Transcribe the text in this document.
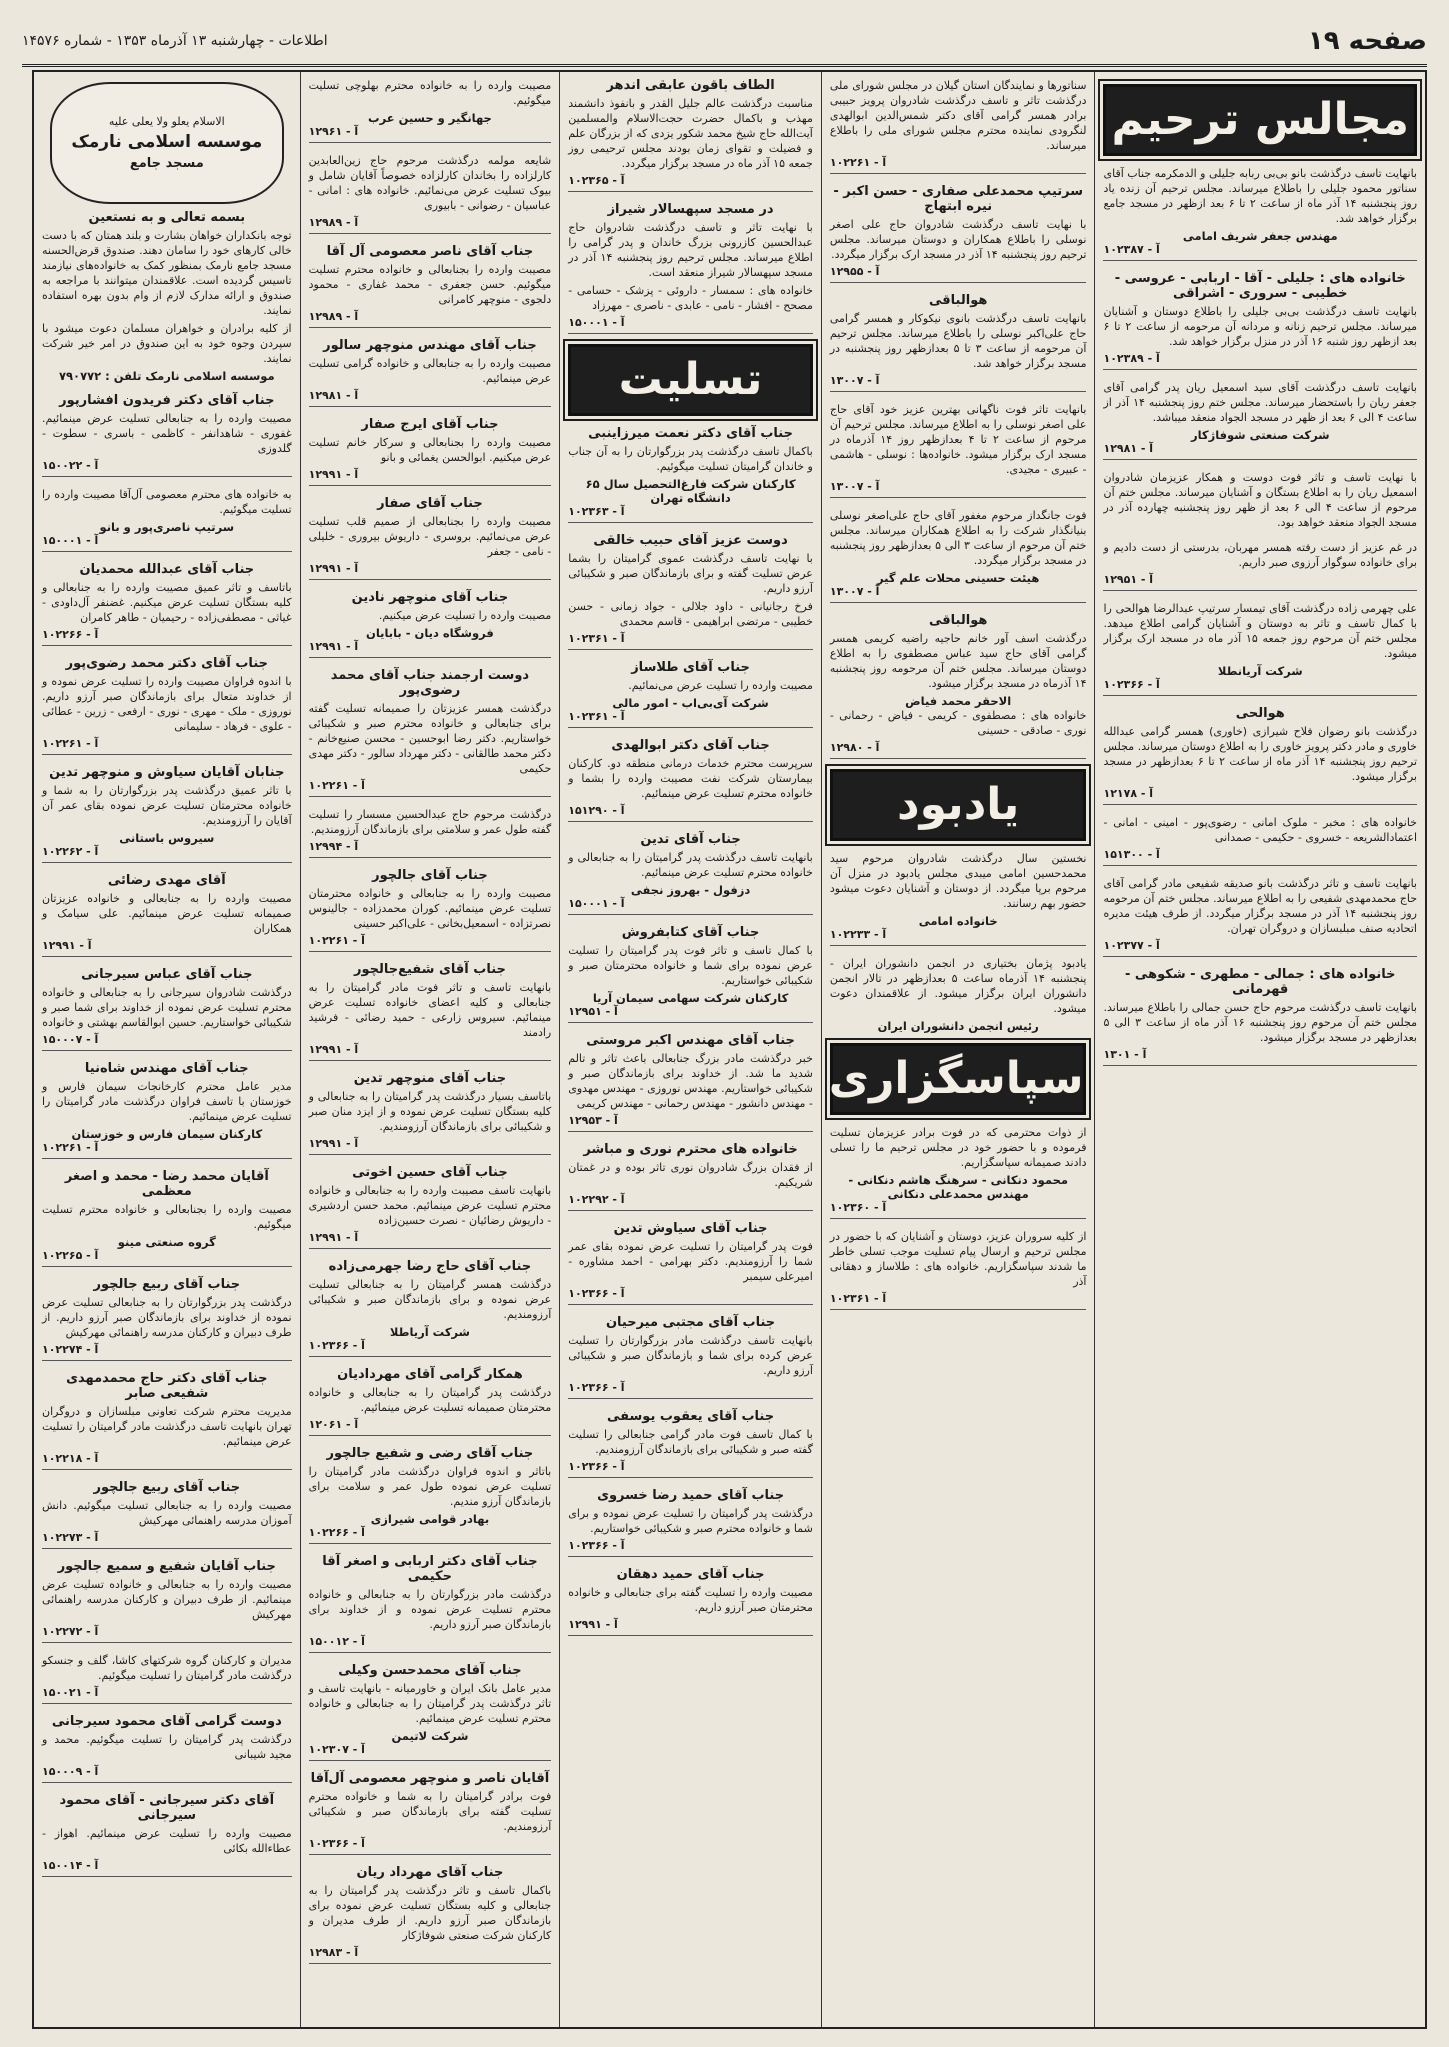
صفحه ۱۹
اطلاعات - چهارشنبه ۱۳ آذرماه ۱۳۵۳ - شماره ۱۴۵۷۶
مجالس ترحیم

بانهایت تاسف درگذشت بانو بی‌بی ربابه جلیلی و الدمکرمه جناب آقای سناتور محمود جلیلی را باطلاع میرساند. مجلس ترحیم آن زنده یاد روز پنجشنبه ۱۴ آذر ماه از ساعت ۲ تا ۶ بعد ازظهر در مسجد جامع برگزار خواهد شد.

مهندس جعفر شریف امامی
آ - ۱۰۲۳۸۷
خانواده های : جلیلی - آقا - اربابی - عروسی - خطیبی - سروری - اشراقی

بانهایت تاسف درگذشت بی‌بی جلیلی را باطلاع دوستان و آشنایان میرساند. مجلس ترحیم زنانه و مردانه آن مرحومه از ساعت ۲ تا ۶ بعد ازظهر روز شنبه ۱۶ آذر در منزل برگزار خواهد شد.

آ - ۱۰۲۳۸۹

بانهایت تاسف درگذشت آقای سید اسمعیل ریان پدر گرامی آقای جعفر ریان را باستحضار میرساند. مجلس ختم روز پنجشنبه ۱۴ آذر از ساعت ۴ الی ۶ بعد از ظهر در مسجد الجواد منعقد میباشد.

شرکت صنعتی شوفاژکار
آ - ۱۲۹۸۱

با نهایت تاسف و تاثر فوت دوست و همکار عزیزمان شادروان اسمعیل ریان را به اطلاع بستگان و آشنایان میرساند. مجلس ختم آن مرحوم از ساعت ۴ الی ۶ بعد از ظهر روز پنجشنبه چهارده آذر در مسجد الجواد منعقد خواهد بود.

در غم عزیز از دست رفته همسر مهربان، بدرستی از دست دادیم و برای خانواده سوگوار آرزوی صبر داریم.

آ - ۱۲۹۵۱

علی چهرمی زاده درگذشت آقای تیمسار سرتیپ عبدالرضا هوالحی را با کمال تاسف و تاثر به دوستان و آشنایان گرامی اطلاع میدهد. مجلس ختم آن مرحوم روز جمعه ۱۵ آذر ماه در مسجد ارک برگزار میشود.

شرکت آریانطلا
آ - ۱۰۲۳۶۶
هوالحی

درگذشت بانو رضوان فلاح شیرازی (خاوری) همسر گرامی عبدالله خاوری و مادر دکتر پرویز خاوری را به اطلاع دوستان میرساند. مجلس ترحیم روز پنجشنبه ۱۴ آذر ماه از ساعت ۲ تا ۶ بعدازظهر در مسجد برگزار میشود.

آ - ۱۲۱۷۸

خانواده های : مخبر - ملوک امانی - رضوی‌پور - امینی - امانی - اعتمادالشریعه - خسروی - حکیمی - صمدانی

آ - ۱۵۱۳۰۰

بانهایت تاسف و تاثر درگذشت بانو صدیقه شفیعی مادر گرامی آقای حاج محمدمهدی شفیعی را به اطلاع میرساند. مجلس ختم آن مرحومه روز پنجشنبه ۱۴ آذر در مسجد برگزار میگردد. از طرف هیئت مدیره اتحادیه صنف مبلبسازان و دروگران تهران.

آ - ۱۰۲۳۷۷
خانواده های : جمالی - مطهری - شکوهی - قهرمانی

بانهایت تاسف درگذشت مرحوم حاج حسن جمالی را باطلاع میرساند. مجلس ختم آن مرحوم روز پنجشنبه ۱۶ آذر ماه از ساعت ۳ الی ۵ بعدازظهر در مسجد برگزار میشود.

آ - ۱۳۰۱

سناتورها و نمایندگان استان گیلان در مجلس شورای ملی درگذشت تاثر و تاسف درگذشت شادروان پرویز حبیبی برادر همسر گرامی آقای دکتر شمس‌الدین ابوالهدی لنگرودی نماینده محترم مجلس شورای ملی را باطلاع میرساند.

آ - ۱۰۲۲۶۱
سرتیپ محمدعلی صفاری - حسن اکبر - نیره ابتهاج

با نهایت تاسف درگذشت شادروان حاج علی اصغر نوسلی را باطلاع همکاران و دوستان میرساند. مجلس ترحیم روز پنجشنبه ۱۴ آذر در مسجد ارک برگزار میگردد.

آ - ۱۲۹۵۵
هوالباقی

بانهایت تاسف درگذشت بانوی نیکوکار و همسر گرامی حاج علی‌اکبر نوسلی را باطلاع میرساند. مجلس ترحیم آن مرحومه از ساعت ۳ تا ۵ بعدازظهر روز پنجشنبه در مسجد برگزار خواهد شد.

آ - ۱۳۰۰۷

بانهایت تاثر فوت ناگهانی بهترین عزیز خود آقای حاج علی اصغر نوسلی را به اطلاع میرساند. مجلس ترحیم آن مرحوم از ساعت ۲ تا ۴ بعدازظهر روز ۱۴ آذرماه در مسجد ارک برگزار میشود. خانواده‌ها : نوسلی - هاشمی - عبیری - مجیدی.

آ - ۱۳۰۰۷

فوت جانگداز مرحوم مغفور آقای حاج علی‌اصغر نوسلی بنیانگذار شرکت را به اطلاع همکاران میرساند. مجلس ختم آن مرحوم از ساعت ۳ الی ۵ بعدازظهر روز پنجشنبه در مسجد برگزار میگردد.

هیئت حسینی محلات علم گیر
آ - ۱۳۰۰۷
هوالباقی

درگذشت اسف آور خانم حاجیه راضیه کریمی همسر گرامی آقای حاج سید عباس مصطفوی را به اطلاع دوستان میرساند. مجلس ختم آن مرحومه روز پنجشنبه ۱۴ آذرماه در مسجد برگزار میشود.

الاحقر محمد فیاض

خانواده های : مصطفوی - کریمی - فیاض - رحمانی - نوری - صادقی - حسینی

آ - ۱۲۹۸۰
یادبود

نخستین سال درگذشت شادروان مرحوم سید محمدحسین امامی میبدی مجلس یادبود در منزل آن مرحوم برپا میگردد. از دوستان و آشنایان دعوت میشود حضور بهم رسانند.

خانواده امامی
آ - ۱۰۲۲۳۳

یادبود پژمان بختیاری در انجمن دانشوران ایران - پنجشنبه ۱۴ آذرماه ساعت ۵ بعدازظهر در تالار انجمن دانشوران ایران برگزار میشود. از علاقمندان دعوت میشود.

رئیس انجمن دانشوران ایران
سپاسگزاری

از ذوات محترمی که در فوت برادر عزیزمان تسلیت فرموده و با حضور خود در مجلس ترحیم ما را تسلی دادند صمیمانه سپاسگزاریم.

محمود دنکانی - سرهنگ هاشم دنکانی - مهندس محمدعلی دنکانی
آ - ۱۰۲۳۶۰

از کلیه سروران عزیز، دوستان و آشنایان که با حضور در مجلس ترحیم و ارسال پیام تسلیت موجب تسلی خاطر ما شدند سپاسگزاریم. خانواده های : طلاساز و دهقانی آذر

آ - ۱۰۲۳۶۱
الطاف باقون عابقی اندهر

مناسبت درگذشت عالم جلیل القدر و بانفوذ دانشمند مهذب و باکمال حضرت حجت‌الاسلام والمسلمین آیت‌الله حاج شیخ محمد شکور یزدی که از بزرگان علم و فضیلت و تقوای زمان بودند مجلس ترحیمی روز جمعه ۱۵ آذر ماه در مسجد برگزار میگردد.

آ - ۱۰۲۳۶۵
در مسجد سپهسالار شیراز

با نهایت تاثر و تاسف درگذشت شادروان حاج عبدالحسین کازرونی بزرگ خاندان و پدر گرامی را اطلاع میرساند. مجلس ترحیم روز پنجشنبه ۱۴ آذر در مسجد سپهسالار شیراز منعقد است.

خانواده های : سمسار - داروئی - پزشک - حسامی - مصحح - افشار - نامی - عابدی - ناصری - مهرزاد

آ - ۱۵۰۰۰۱
تسلیت
جناب آقای دکتر نعمت میرزاینبی

باکمال تاسف درگذشت پدر بزرگوارتان را به آن جناب و خاندان گرامیتان تسلیت میگوئیم.

کارکنان شرکت فارغ‌التحصیل سال ۶۵ دانشگاه تهران
آ - ۱۰۲۳۶۳
دوست عزیز آقای حبیب خالقی

با نهایت تاسف درگذشت عموی گرامیتان را بشما عرض تسلیت گفته و برای بازماندگان صبر و شکیبائی آرزو داریم.

فرخ رجانیانی - داود جلالی - جواد زمانی - حسن خطیبی - مرتضی ابراهیمی - قاسم محمدی

آ - ۱۰۲۳۶۱
جناب آقای طلاساز

مصیبت وارده را تسلیت عرض می‌نمائیم.

شرکت آی‌بی‌اب - امور مالی
آ - ۱۰۲۳۶۱
جناب آقای دکتر ابوالهدی

سرپرست محترم خدمات درمانی منطقه دو. کارکنان بیمارستان شرکت نفت مصیبت وارده را بشما و خانواده محترم تسلیت عرض مینمائیم.

آ - ۱۵۱۲۹۰
جناب آقای تدین

بانهایت تاسف درگذشت پدر گرامیتان را به جنابعالی و خانواده محترم تسلیت عرض مینمائیم.

دزفول - بهروز نجفی
آ - ۱۵۰۰۰۱
جناب آقای کتابفروش

با کمال تاسف و تاثر فوت پدر گرامیتان را تسلیت عرض نموده برای شما و خانواده محترمتان صبر و شکیبائی خواستاریم.

کارکنان شرکت سهامی سیمان آریا
آ - ۱۲۹۵۱
جناب آقای مهندس اکبر مروستی

خبر درگذشت مادر بزرگ جنابعالی باعث تاثر و تالم شدید ما شد. از خداوند برای بازماندگان صبر و شکیبائی خواستاریم. مهندس نوروزی - مهندس مهدوی - مهندس دانشور - مهندس رحمانی - مهندس کریمی

آ - ۱۲۹۵۳
خانواده های محترم نوری و مباشر

از فقدان بزرگ شادروان نوری تاثر بوده و در غمتان شریکیم.

آ - ۱۰۲۲۹۲
جناب آقای سیاوش تدین

فوت پدر گرامیتان را تسلیت عرض نموده بقای عمر شما را آرزومندیم. دکتر بهرامی - احمد مشاوره - امیرعلی سیمبر

آ - ۱۰۲۳۶۶
جناب آقای مجتبی میرحیان

بانهایت تاسف درگذشت مادر بزرگوارتان را تسلیت عرض کرده برای شما و بازماندگان صبر و شکیبائی آرزو داریم.

آ - ۱۰۲۳۶۶
جناب آقای یعقوب یوسفی

با کمال تاسف فوت مادر گرامی جنابعالی را تسلیت گفته صبر و شکیبائی برای بازماندگان آرزومندیم.

آ - ۱۰۲۳۶۶
جناب آقای حمید رضا خسروی

درگذشت پدر گرامیتان را تسلیت عرض نموده و برای شما و خانواده محترم صبر و شکیبائی خواستاریم.

آ - ۱۰۲۳۶۶
جناب آقای حمید دهقان

مصیبت وارده را تسلیت گفته برای جنابعالی و خانواده محترمتان صبر آرزو داریم.

آ - ۱۲۹۹۱

مصیبت وارده را به خانواده محترم بهلوچی تسلیت میگوئیم.

جهانگیر و حسین عرب
آ - ۱۲۹۶۱

شایعه مولمه درگذشت مرحوم حاج زین‌العابدین کارلزاده را بخاندان کارلزاده خصوصاً آقایان شامل و بیوک تسلیت عرض می‌نمائیم. خانواده های : امانی - عباسیان - رضوانی - بابیوری

آ - ۱۲۹۸۹
جناب آقای ناصر معصومی آل آقا

مصیبت وارده را بجنابعالی و خانواده محترم تسلیت میگوئیم. حسن جعفری - محمد غفاری - محمود دلجوی - منوچهر کامرانی

آ - ۱۲۹۸۹
جناب آقای مهندس منوچهر سالور

مصیبت وارده را به جنابعالی و خانواده گرامی تسلیت عرض مینمائیم.

آ - ۱۲۹۸۱
جناب آقای ایرج صفار

مصیبت وارده را بجنابعالی و سرکار خانم تسلیت عرض میکنیم. ابوالحسن یغمائی و بانو

آ - ۱۲۹۹۱
جناب آقای صفار

مصیبت وارده را بجنابعالی از صمیم قلب تسلیت عرض می‌نمائیم. بروسری - داریوش بیروری - خلیلی - نامی - جعفر

آ - ۱۲۹۹۱
جناب آقای منوچهر نادین

مصیبت وارده را تسلیت عرض میکنیم.

فروشگاه دیان - بابایان
آ - ۱۲۹۹۱
دوست ارجمند جناب آقای محمد رضوی‌پور

درگذشت همسر عزیزتان را صمیمانه تسلیت گفته برای جنابعالی و خانواده محترم صبر و شکیبائی خواستاریم. دکتر رضا ابوحسین - محسن صنیع‌خانم - دکتر محمد طالقانی - دکتر مهرداد سالور - دکتر مهدی حکیمی

آ - ۱۰۲۲۶۱

درگذشت مرحوم حاج عبدالحسین مسسار را تسلیت گفته طول عمر و سلامتی برای بازماندگان آرزومندیم.

آ - ۱۲۹۹۴
جناب آقای جالچور

مصیبت وارده را به جنابعالی و خانواده محترمتان تسلیت عرض مینمائیم. کوران محمدزاده - جالینوس نصرتزاده - اسمعیل‌بخانی - علی‌اکبر حسینی

آ - ۱۰۲۲۶۱
جناب آقای شفیع‌جالچور

بانهایت تاسف و تاثر فوت مادر گرامیتان را به جنابعالی و کلیه اعضای خانواده تسلیت عرض مینمائیم. سیروس زارعی - حمید رضائی - فرشید رادمند

آ - ۱۲۹۹۱
جناب آقای منوچهر تدین

باتاسف بسیار درگذشت پدر گرامیتان را به جنابعالی و کلیه بستگان تسلیت عرض نموده و از ایزد منان صبر و شکیبائی برای بازماندگان آرزومندیم.

آ - ۱۲۹۹۱
جناب آقای حسین اخوتی

بانهایت تاسف مصیبت وارده را به جنابعالی و خانواده محترم تسلیت عرض مینمائیم. محمد حسن اردشیری - داریوش رضائیان - نصرت حسین‌زاده

آ - ۱۲۹۹۱
جناب آقای حاج رضا جهرمی‌زاده

درگذشت همسر گرامیتان را به جنابعالی تسلیت عرض نموده و برای بازماندگان صبر و شکیبائی آرزومندیم.

شرکت آریاطلا
آ - ۱۰۲۳۶۶
همکار گرامی آقای مهردادیان

درگذشت پدر گرامیتان را به جنابعالی و خانواده محترمتان صمیمانه تسلیت عرض مینمائیم.

آ - ۱۲۰۶۱
جناب آقای رضی و شفیع جالچور

باتاثر و اندوه فراوان درگذشت مادر گرامیتان را تسلیت عرض نموده طول عمر و سلامت برای بازماندگان آرزو مندیم.

بهادر قوامی شیرازی
آ - ۱۰۲۲۶۶
جناب آقای دکتر اربابی و اصغر آقا حکیمی

درگذشت مادر بزرگوارتان را به جنابعالی و خانواده محترم تسلیت عرض نموده و از خداوند برای بازماندگان صبر آرزو داریم.

آ - ۱۵۰۰۱۲
جناب آقای محمدحسن وکیلی

مدیر عامل بانک ایران و خاورمیانه - بانهایت تاسف و تاثر درگذشت پدر گرامیتان را به جنابعالی و خانواده محترم تسلیت عرض مینمائیم.

شرکت لاتیمن
آ - ۱۰۲۳۰۷
آقایان ناصر و منوچهر معصومی آل‌آقا

فوت برادر گرامیتان را به شما و خانواده محترم تسلیت گفته برای بازماندگان صبر و شکیبائی آرزومندیم.

آ - ۱۰۲۳۶۶
جناب آقای مهرداد ریان

باکمال تاسف و تاثر درگذشت پدر گرامیتان را به جنابعالی و کلیه بستگان تسلیت عرض نموده برای بازماندگان صبر آرزو داریم. از طرف مدیران و کارکنان شرکت صنعتی شوفاژکار

آ - ۱۲۹۸۳
الاسلام یعلو ولا یعلی علیه
موسسه اسلامی نارمک
مسجد جامع
بسمه تعالی و به نستعین

توجه بانکداران خواهان بشارت و بلند همتان که با دست خالی کارهای خود را سامان دهند. صندوق قرض‌الحسنه مسجد جامع نارمک بمنظور کمک به خانواده‌های نیازمند تاسیس گردیده است. علاقمندان میتوانند با مراجعه به صندوق و ارائه مدارک لازم از وام بدون بهره استفاده نمایند.

از کلیه برادران و خواهران مسلمان دعوت میشود با سپردن وجوه خود به این صندوق در امر خیر شرکت نمایند.

موسسه اسلامی نارمک تلفن : ۷۹۰۷۷۲
جناب آقای دکتر فریدون افشارپور

مصیبت وارده را به جنابعالی تسلیت عرض مینمائیم. غفوری - شاهدانفر - کاظمی - باسری - سطوت - گلدوزی

آ - ۱۵۰۰۲۲

به خانواده های محترم معصومی آل‌آقا مصیبت وارده را تسلیت میگوئیم.

سرتیپ ناصری‌پور و بانو
آ - ۱۵۰۰۰۱
جناب آقای عبدالله محمدیان

باتاسف و تاثر عمیق مصیبت وارده را به جنابعالی و کلیه بستگان تسلیت عرض میکنیم. غضنفر آل‌داودی - غیاثی - مصطفی‌زاده - رحیمیان - طاهر کامران

آ - ۱۰۲۲۶۶
جناب آقای دکتر محمد رضوی‌پور

با اندوه فراوان مصیبت وارده را تسلیت عرض نموده و از خداوند متعال برای بازماندگان صبر آرزو داریم. نوروزی - ملک - مهری - نوری - ارفعی - زرین - عطائی - علوی - فرهاد - سلیمانی

آ - ۱۰۲۲۶۱
جنابان آقایان سیاوش و منوچهر تدین

با تاثر عمیق درگذشت پدر بزرگوارتان را به شما و خانواده محترمتان تسلیت عرض نموده بقای عمر آن آقایان را آرزومندیم.

سیروس باستانی
آ - ۱۰۲۲۶۲
آقای مهدی رضائی

مصیبت وارده را به جنابعالی و خانواده عزیزتان صمیمانه تسلیت عرض مینمائیم. علی سیامک و همکاران

آ - ۱۲۹۹۱
جناب آقای عباس سیرجانی

درگذشت شادروان سیرجانی را به جنابعالی و خانواده محترم تسلیت عرض نموده از خداوند برای شما صبر و شکیبائی خواستاریم. حسین ابوالقاسم بهشتی و خانواده

آ - ۱۵۰۰۰۷
جناب آقای مهندس شاه‌نیا

مدیر عامل محترم کارخانجات سیمان فارس و خوزستان با تاسف فراوان درگذشت مادر گرامیتان را تسلیت عرض مینمائیم.

کارکنان سیمان فارس و خوزستان
آ - ۱۰۲۲۶۱
آقایان محمد رضا - محمد و اصغر معظمی

مصیبت وارده را بجنابعالی و خانواده محترم تسلیت میگوئیم.

گروه صنعتی مینو
آ - ۱۰۲۲۶۵
جناب آقای ربیع جالچور

درگذشت پدر بزرگوارتان را به جنابعالی تسلیت عرض نموده از خداوند برای بازماندگان صبر آرزو داریم. از طرف دبیران و کارکنان مدرسه راهنمائی مهرکیش

آ - ۱۰۲۲۷۴
جناب آقای دکتر حاج محمدمهدی شفیعی صابر

مدیریت محترم شرکت تعاونی مبلسازان و دروگران تهران بانهایت تاسف درگذشت مادر گرامیتان را تسلیت عرض مینمائیم.

آ - ۱۰۲۲۱۸
جناب آقای ربیع جالچور

مصیبت وارده را به جنابعالی تسلیت میگوئیم. دانش آموزان مدرسه راهنمائی مهرکیش

آ - ۱۰۲۲۷۳
جناب آقایان شفیع و سمیع جالچور

مصیبت وارده را به جنابعالی و خانواده تسلیت عرض مینمائیم. از طرف دبیران و کارکنان مدرسه راهنمائی مهرکیش

آ - ۱۰۲۲۷۲

مدیران و کارکنان گروه شرکتهای کاشا، گلف و جنسکو درگذشت مادر گرامیتان را تسلیت میگوئیم.

آ - ۱۵۰۰۲۱
دوست گرامی آقای محمود سیرجانی

درگذشت پدر گرامیتان را تسلیت میگوئیم. محمد و مجید شیبانی

آ - ۱۵۰۰۰۹
آقای دکتر سیرجانی - آقای محمود سیرجانی

مصیبت وارده را تسلیت عرض مینمائیم. اهواز - عطاءالله بکائی

آ - ۱۵۰۰۱۴
